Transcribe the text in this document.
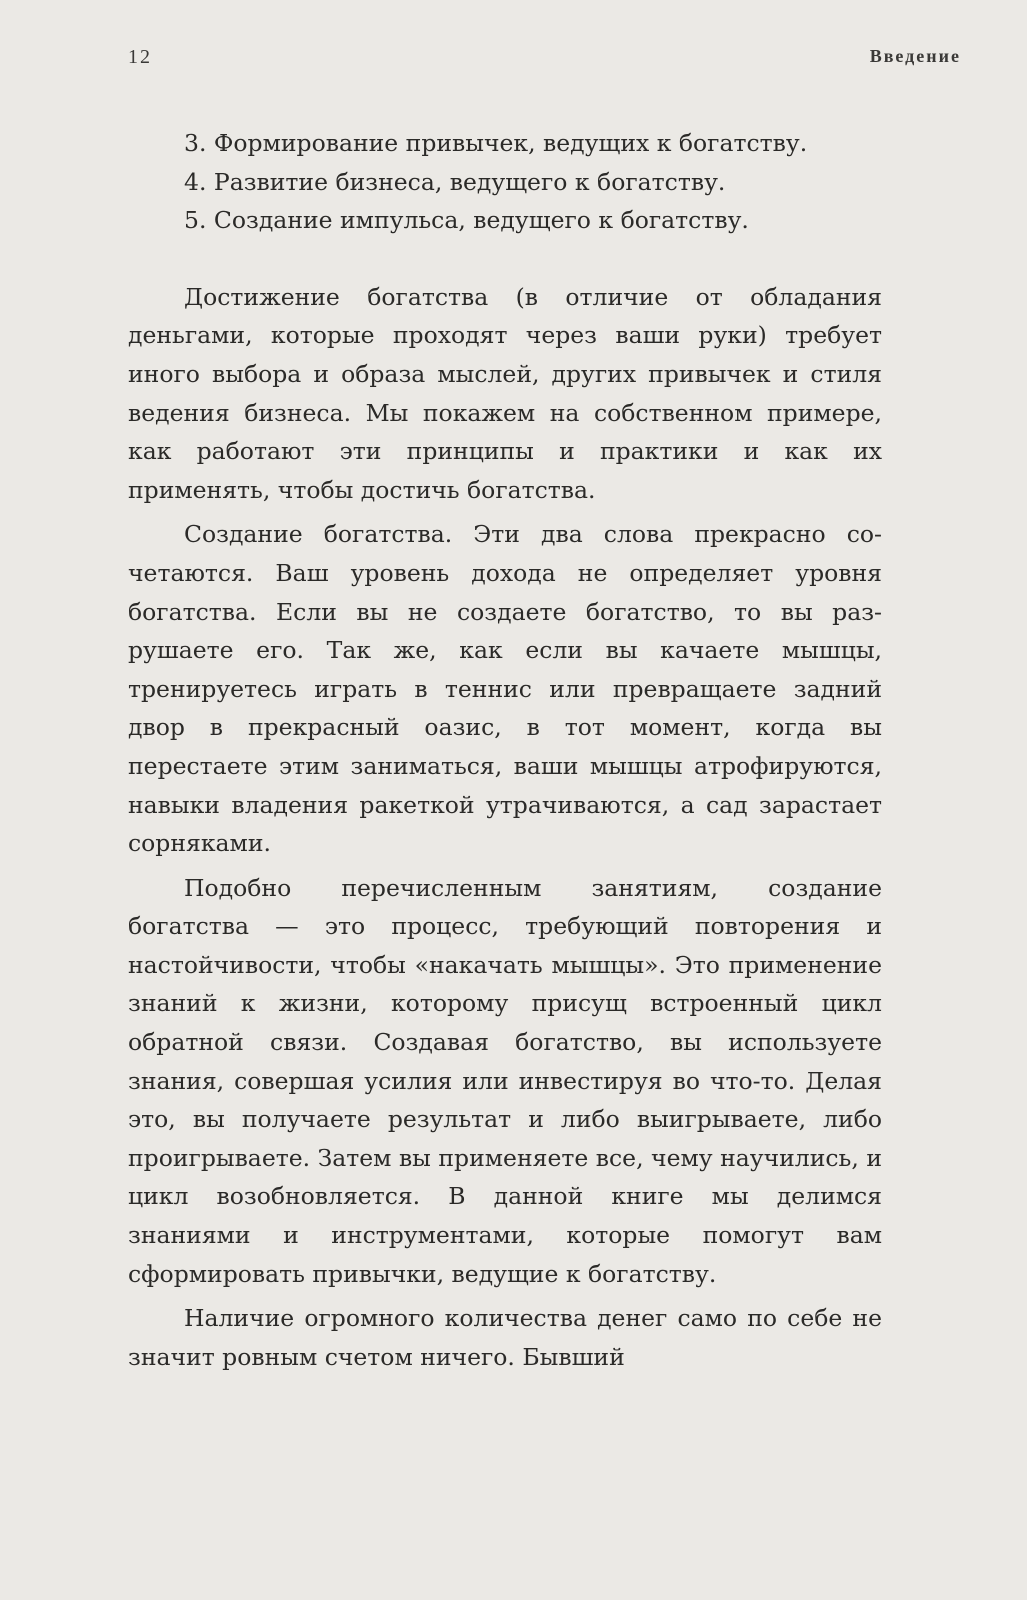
12	Введение

3. Формирование привычек, ведущих к богатству.

4. Развитие бизнеса, ведущего к богатству.

5. Создание импульса, ведущего к богатству.

Достижение богатства (в отличие от обладания деньгами, которые проходят через ваши руки) требует иного выбора и образа мыслей, других привычек и стиля ведения бизнеса. Мы покажем на собственном примере, как работают эти принципы и практики и как их применять, чтобы достичь богатства.

Создание богатства. Эти два слова прекрасно сочетаются. Ваш уровень дохода не определяет уровня богатства. Если вы не создаете богатство, то вы разрушаете его. Так же, как если вы качаете мышцы, тренируетесь играть в теннис или превращаете задний двор в прекрасный оазис, в тот момент, когда вы перестаете этим заниматься, ваши мышцы атрофируются, навыки владения ракеткой утрачиваются, а сад зарастает сорняками.

Подобно перечисленным занятиям, создание богатства — это процесс, требующий повторения и настойчивости, чтобы «накачать мышцы». Это применение знаний к жизни, которому присущ встроенный цикл обратной связи. Создавая богатство, вы используете знания, совершая усилия или инвестируя во что-то. Делая это, вы получаете результат и либо выигрываете, либо проигрываете. Затем вы применяете все, чему научились, и цикл возобновляется. В данной книге мы делимся знаниями и инструментами, которые помогут вам сформировать привычки, ведущие к богатству.

Наличие огромного количества денег само по себе не значит ровным счетом ничего. Бывший
